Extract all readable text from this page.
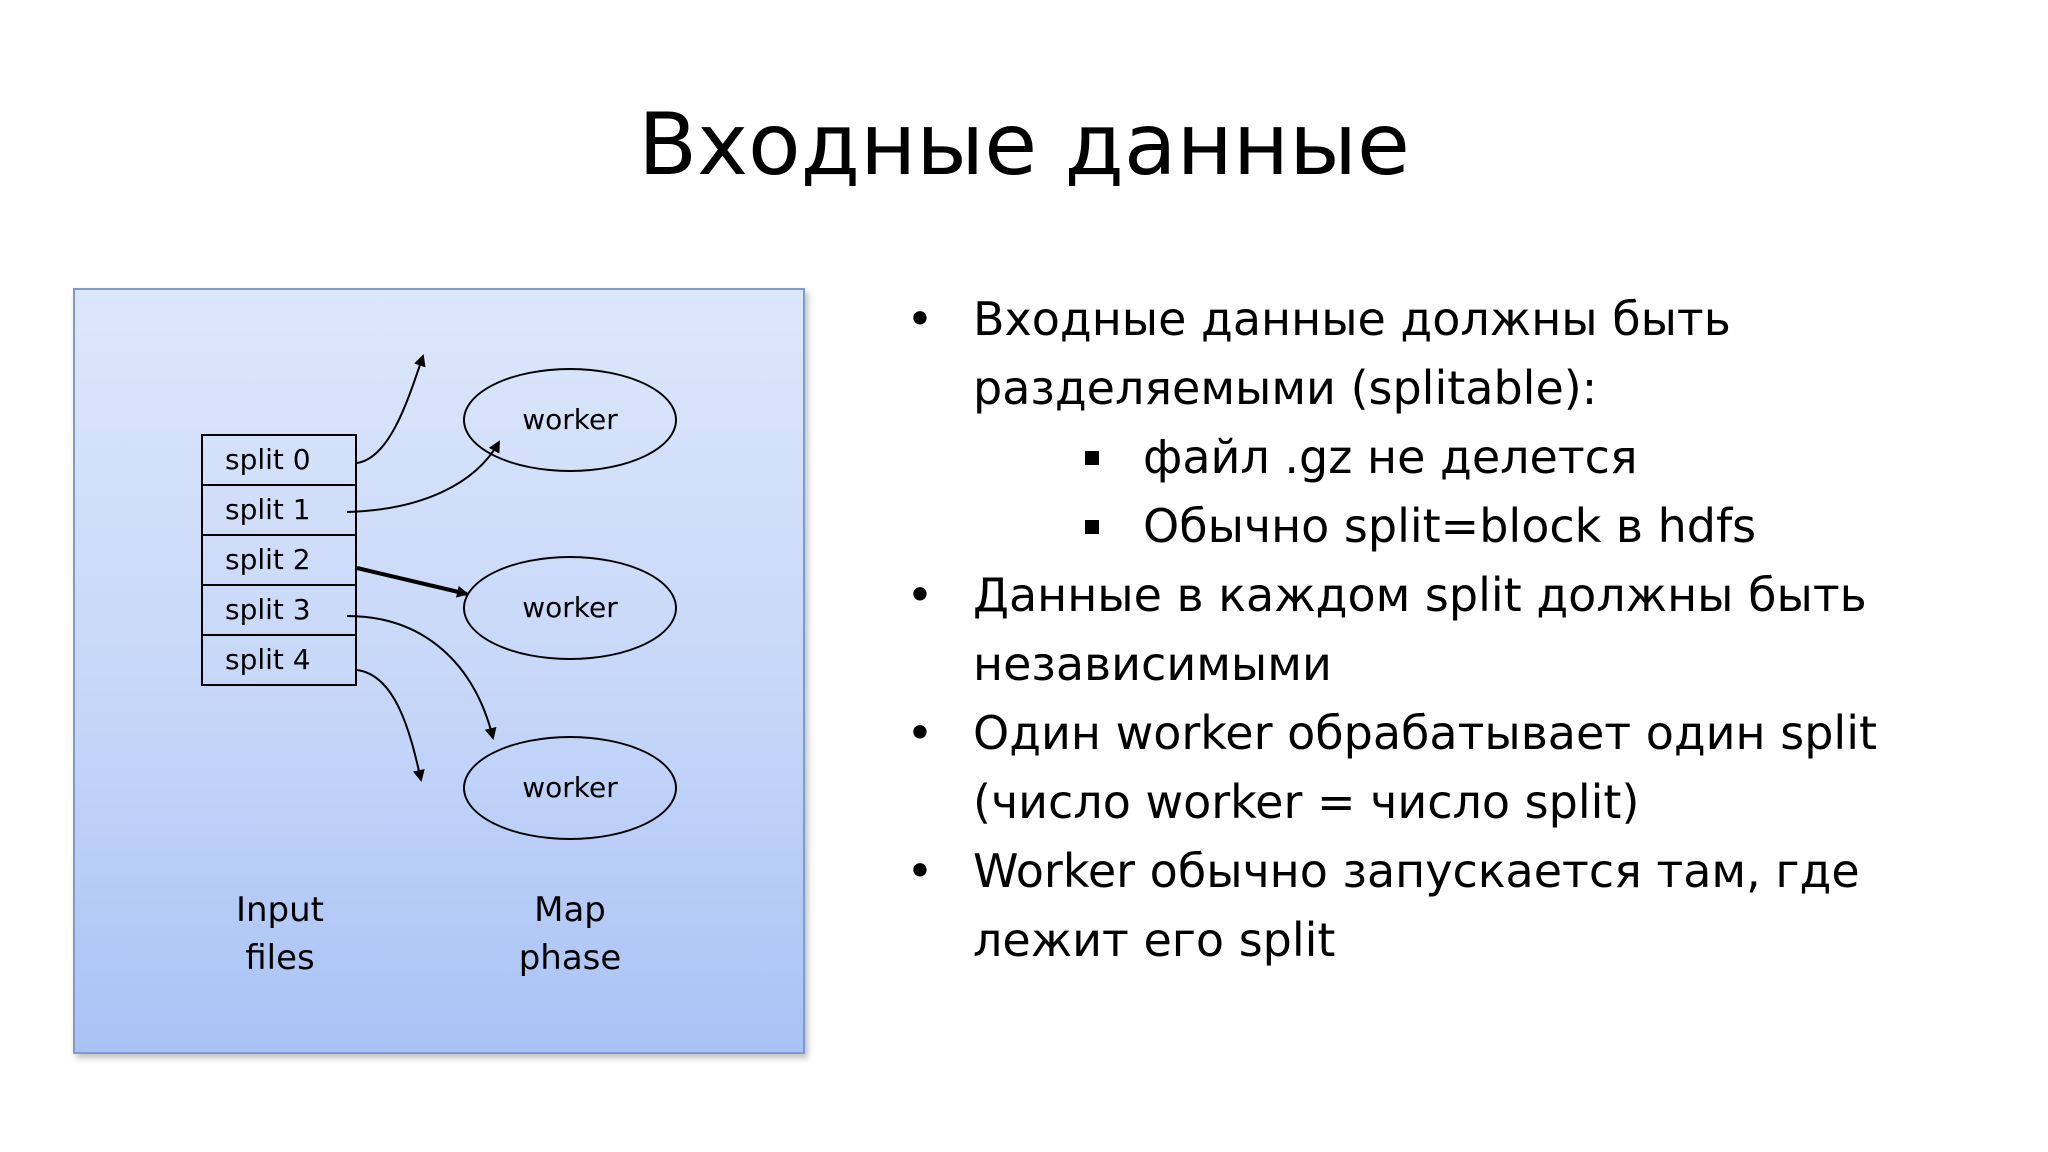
Входные данные
split 0
split 1
split 2
split 3
split 4
worker
worker
worker
Input
files
Map
phase
• Входные данные должны быть
разделяемыми (splitable):
файл .gz не делется
Обычно split=block в hdfs
• Данные в каждом split должны быть
независимыми
• Один worker обрабатывает один split
(число worker = число split)
• Worker обычно запускается там, где
лежит его split
